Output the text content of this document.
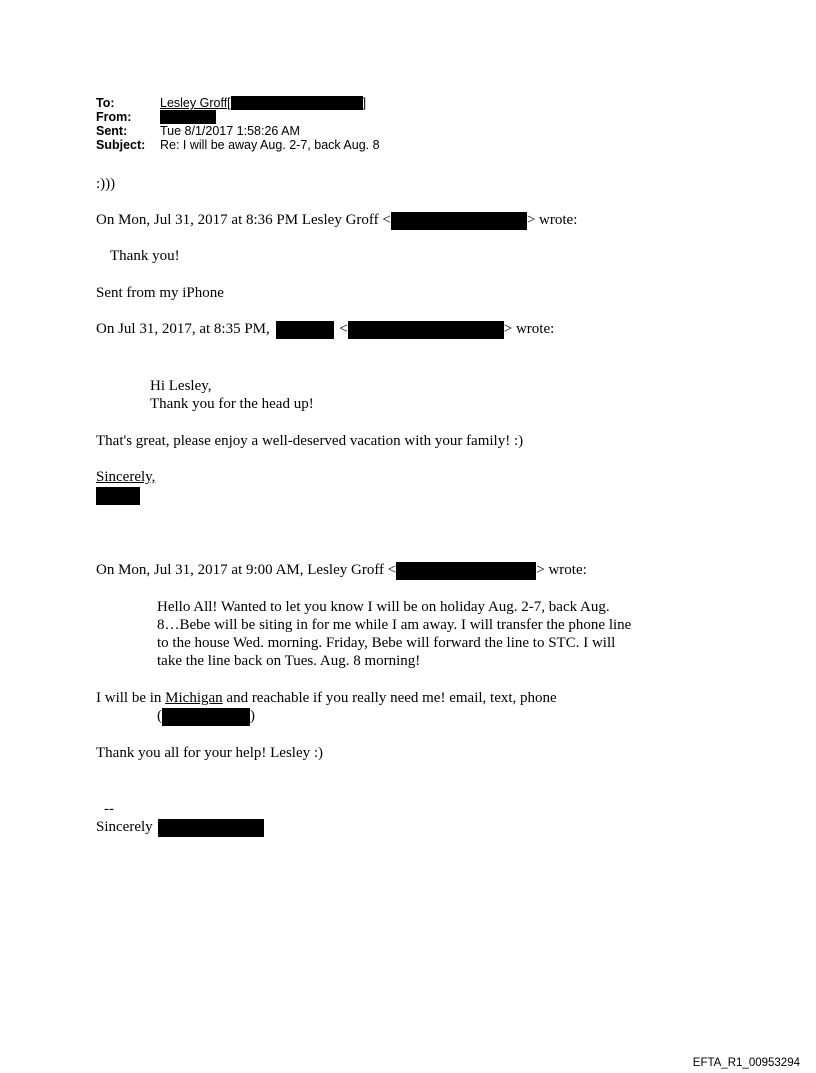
To:	Lesley Groff [	]
From:
Sent:	Tue 8/1/2017 1:58:26 AM
Subject:	Re: I will be away Aug. 2-7, back Aug. 8
:)))
On Mon, Jul 31, 2017 at 8:36 PM Lesley Groff <	> wrote:
Thank you!
Sent from my iPhone
On Jul 31, 2017, at 8:35 PM,	<	> wrote:
Hi Lesley,
Thank you for the head up!
That's great, please enjoy a well-deserved vacation with your family! :)
Sincerely,
On Mon, Jul 31, 2017 at 9:00 AM, Lesley Groff <	> wrote:
Hello All! Wanted to let you know I will be on holiday Aug. 2-7, back Aug.
8…Bebe will be siting in for me while I am away. I will transfer the phone line
to the house Wed. morning. Friday, Bebe will forward the line to STC. I will
take the line back on Tues. Aug. 8 morning!
I will be in Michigan and reachable if you really need me! email, text, phone
(	)
Thank you all for your help! Lesley :)
--
Sincerely
EFTA_R1_00953294
